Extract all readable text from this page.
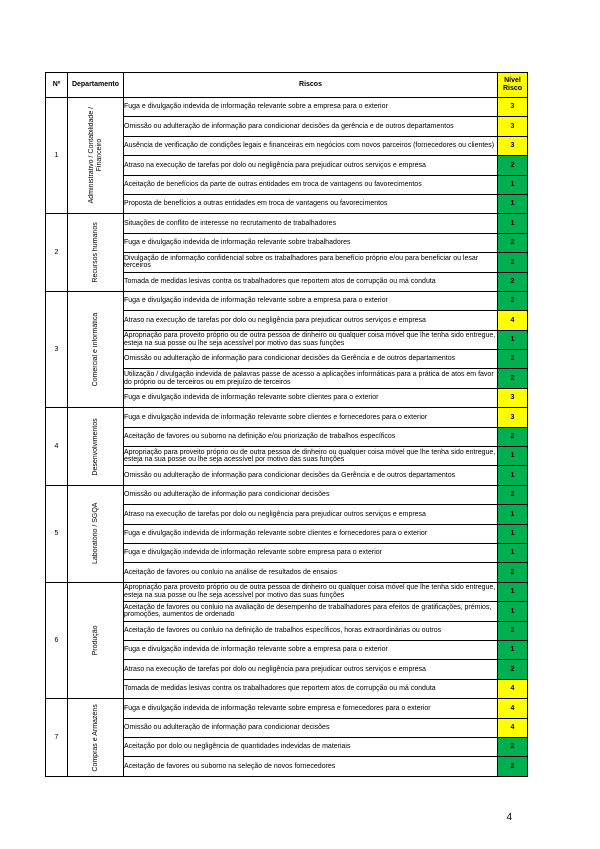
Nº	Departamento	Riscos	Nível Risco
1	Administrativo / Contabilidade / Financeiro	Fuga e divulgação indevida de informação relevante sobre a empresa para o exterior	3
		Omissão ou adulteração de informação para condicionar decisões da gerência e de outros departamentos	3
		Ausência de verificação de condições legais e financeiras em negócios com novos parceiros (fornecedores ou clientes)	3
		Atraso na execução de tarefas por dolo ou negligência para prejudicar outros serviços e empresa	2
		Aceitação de benefícios da parte de outras entidades em troca de vantagens ou favorecimentos	1
		Proposta de benefícios a outras entidades em troca de vantagens ou favorecimentos	1
2	Recursos humanos	Situações de conflito de interesse no recrutamento de trabalhadores	1
		Fuga e divulgação indevida de informação relevante sobre trabalhadores	2
		Divulgação de informação confidencial sobre os trabalhadores para benefício próprio e/ou para beneficiar ou lesar terceiros	2
		Tomada de medidas lesivas contra os trabalhadores que reportem atos de corrupção ou má conduta	2
3	Comercial e informática	Fuga e divulgação indevida de informação relevante sobre a empresa para o exterior	2
		Atraso na execução de tarefas por dolo ou negligência para prejudicar outros serviços e empresa	4
		Apropriação para proveito próprio ou de outra pessoa de dinheiro ou qualquer coisa móvel que lhe tenha sido entregue, esteja na sua posse ou lhe seja acessível por motivo das suas funções	1
		Omissão ou adulteração de informação para condicionar decisões da Gerência e de outros departamentos	2
		Utilização / divulgação indevida de palavras passe de acesso a aplicações informáticas para a prática de atos em favor do próprio ou de terceiros ou em prejuízo de terceiros	2
		Fuga e divulgação indevida de informação relevante sobre clientes para o exterior	3
4	Desenvolvimentos	Fuga e divulgação indevida de informação relevante sobre clientes e fornecedores para o exterior	3
		Aceitação de favores ou suborno na definição e/ou priorização de trabalhos específicos	2
		Apropriação para proveito próprio ou de outra pessoa de dinheiro ou qualquer coisa móvel que lhe tenha sido entregue, esteja na sua posse ou lhe seja acessível por motivo das suas funções	1
		Omissão ou adulteração de informação para condicionar decisões da Gerência e de outros departamentos	1
5	Laboratório / SGQA	Omissão ou adulteração de informação para condicionar decisões	2
		Atraso na execução de tarefas por dolo ou negligência para prejudicar outros serviços e empresa	1
		Fuga e divulgação indevida de informação relevante sobre clientes e fornecedores para o exterior	1
		Fuga e divulgação indevida de informação relevante sobre empresa para o exterior	1
		Aceitação de favores ou conluio na análise de resultados de ensaios	2
6	Produção	Apropriação para proveito próprio ou de outra pessoa de dinheiro ou qualquer coisa móvel que lhe tenha sido entregue, esteja na sua posse ou lhe seja acessível por motivo das suas funções	1
		Aceitação de favores ou conluio na avaliação de desempenho de trabalhadores para efeitos de gratificações, prémios, promoções, aumentos de ordenado	1
		Aceitação de favores ou conluio na definição de trabalhos específicos, horas extraordinárias ou outros	2
		Fuga e divulgação indevida de informação relevante sobre a empresa para o exterior	1
		Atraso na execução de tarefas por dolo ou negligência para prejudicar outros serviços e empresa	2
		Tomada de medidas lesivas contra os trabalhadores que reportem atos de corrupção ou má conduta	4
7	Compras e Armazéns	Fuga e divulgação indevida de informação relevante sobre empresa e fornecedores para o exterior	4
		Omissão ou adulteração de informação para condicionar decisões	4
		Aceitação por dolo ou negligência de quantidades indevidas de materiais	2
		Aceitação de favores ou suborno na seleção de novos fornecedores	2
4
